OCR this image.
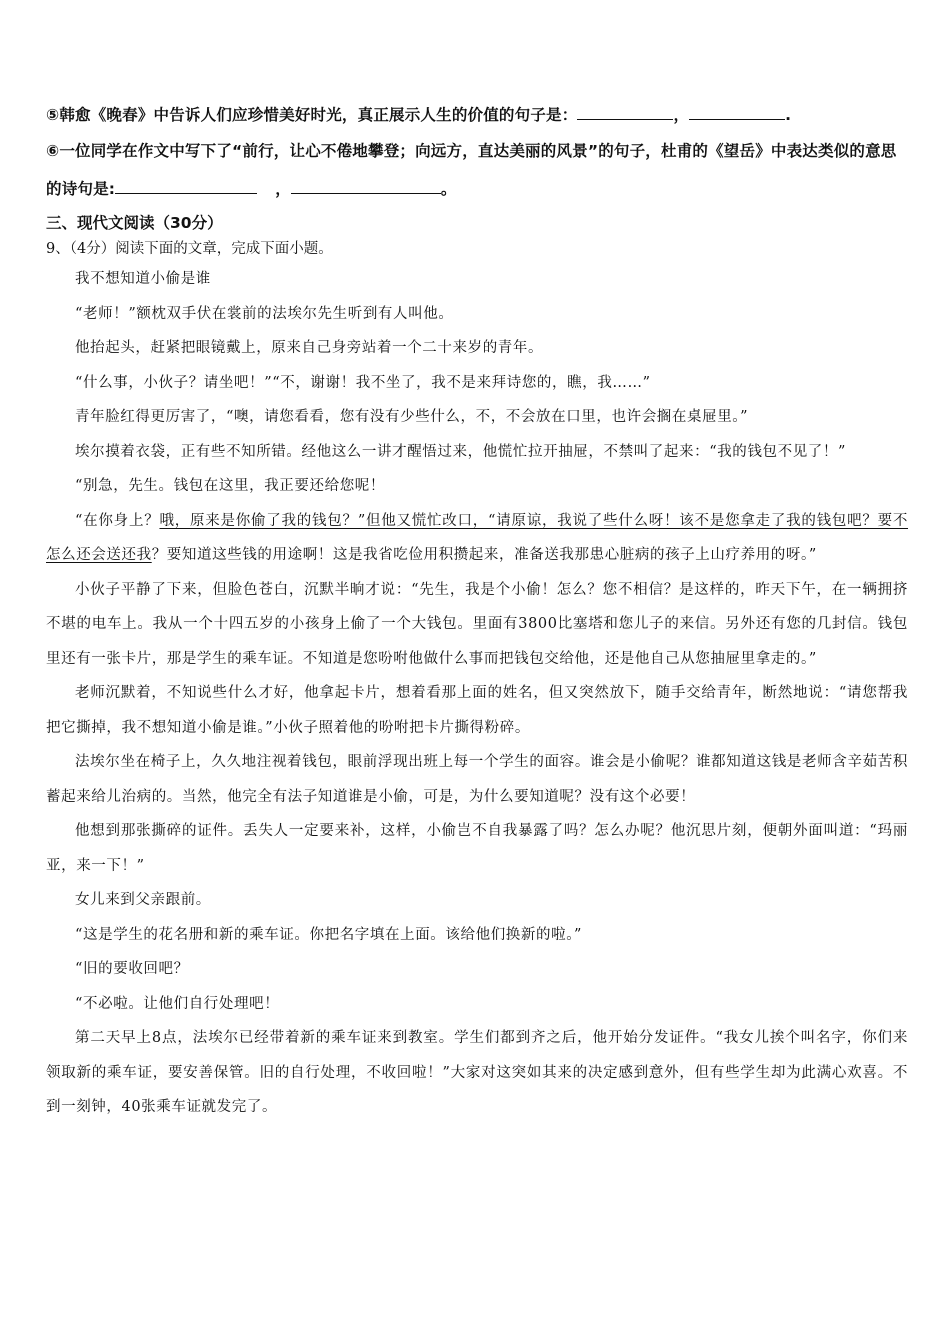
⑤韩愈《晚春》中告诉人们应珍惜美好时光，真正展示人生的价值的句子是：	，	.

⑥一位同学在作文中写下了“前行，让心不倦地攀登；向远方，直达美丽的风景”的句子，杜甫的《望岳》中表达类似的意思的诗句是:	，	。

三、现代文阅读（30分）

9、（4分）阅读下面的文章，完成下面小题。

我不想知道小偷是谁

“老师！”额枕双手伏在裳前的法埃尔先生听到有人叫他。

他抬起头，赶紧把眼镜戴上，原来自己身旁站着一个二十来岁的青年。

“什么事，小伙子？请坐吧！”“不，谢谢！我不坐了，我不是来拜诗您的，瞧，我……”

青年脸红得更厉害了，“噢，请您看看，您有没有少些什么，不，不会放在口里，也许会搁在桌屉里。”

埃尔摸着衣袋，正有些不知所错。经他这么一讲才醒悟过来，他慌忙拉开抽屉，不禁叫了起来：“我的钱包不见了！”

“别急，先生。钱包在这里，我正要还给您呢！

“在你身上？哦，原来是你偷了我的钱包？”但他又慌忙改口，“请原谅，我说了些什么呀！该不是您拿走了我的钱包吧？要不怎么还会送还我？要知道这些钱的用途啊！这是我省吃俭用积攒起来，准备送我那患心脏病的孩子上山疗养用的呀。”

小伙子平静了下来，但脸色苍白，沉默半晌才说：“先生，我是个小偷！怎么？您不相信？是这样的，昨天下午，在一辆拥挤不堪的电车上。我从一个十四五岁的小孩身上偷了一个大钱包。里面有3800比塞塔和您儿子的来信。另外还有您的几封信。钱包里还有一张卡片，那是学生的乘车证。不知道是您吩咐他做什么事而把钱包交给他，还是他自己从您抽屉里拿走的。”

老师沉默着，不知说些什么才好，他拿起卡片，想着看那上面的姓名，但又突然放下，随手交给青年，断然地说：“请您帮我把它撕掉，我不想知道小偷是谁。”小伙子照着他的吩咐把卡片撕得粉碎。

法埃尔坐在椅子上，久久地注视着钱包，眼前浮现出班上每一个学生的面容。谁会是小偷呢？谁都知道这钱是老师含辛茹苦积蓄起来给儿治病的。当然，他完全有法子知道谁是小偷，可是，为什么要知道呢？没有这个必要！

他想到那张撕碎的证件。丢失人一定要来补，这样，小偷岂不自我暴露了吗？怎么办呢？他沉思片刻，便朝外面叫道：“玛丽亚，来一下！”

女儿来到父亲跟前。

“这是学生的花名册和新的乘车证。你把名字填在上面。该给他们换新的啦。”

“旧的要收回吧？

“不必啦。让他们自行处理吧！

第二天早上8点，法埃尔已经带着新的乘车证来到教室。学生们都到齐之后，他开始分发证件。“我女儿挨个叫名字，你们来领取新的乘车证，要安善保管。旧的自行处理，不收回啦！”大家对这突如其来的决定感到意外，但有些学生却为此满心欢喜。不到一刻钟，40张乘车证就发完了。
